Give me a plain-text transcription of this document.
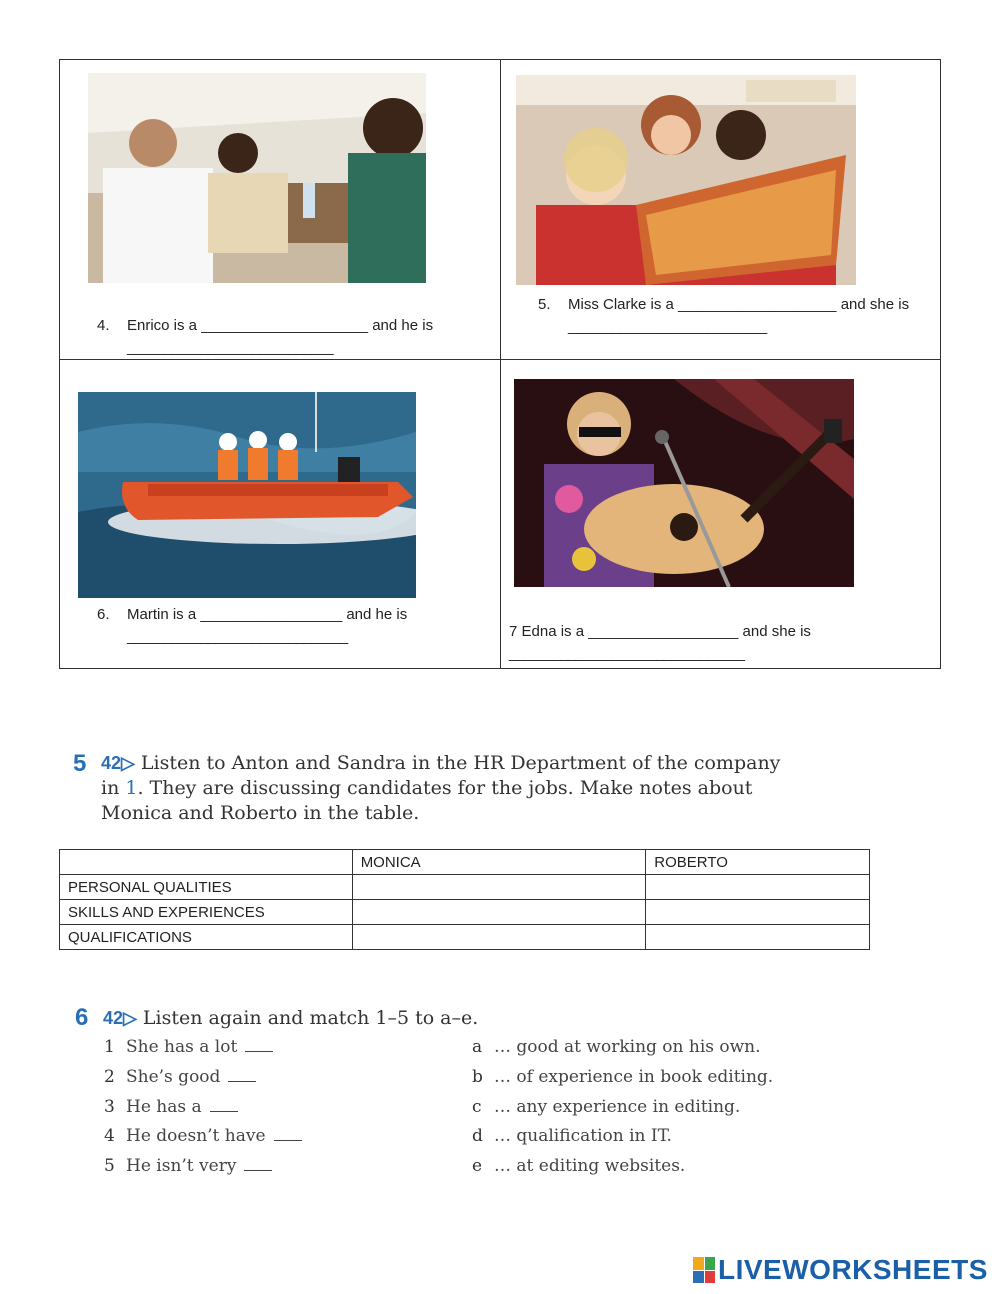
4. Enrico is a ____________________ and he is
____________________________
5. Miss Clarke is a ___________________ and she is
___________________________
6. Martin is a _________________ and he is
______________________________	7 Edna is a __________________ and she is
________________________________
5 42▷ Listen to Anton and Sandra in the HR Department of the company
in 1. They are discussing candidates for the jobs. Make notes about
Monica and Roberto in the table.
	MONICA	ROBERTO
PERSONAL QUALITIES		
SKILLS AND EXPERIENCES		
QUALIFICATIONS		
6 42▷ Listen again and match 1–5 to a–e.
1 She has a lot
2 She’s good
3 He has a
4 He doesn’t have
5 He isn’t very
a … good at working on his own.
b … of experience in book editing.
c … any experience in editing.
d … qualification in IT.
e … at editing websites.
LIVEWORKSHEETS
